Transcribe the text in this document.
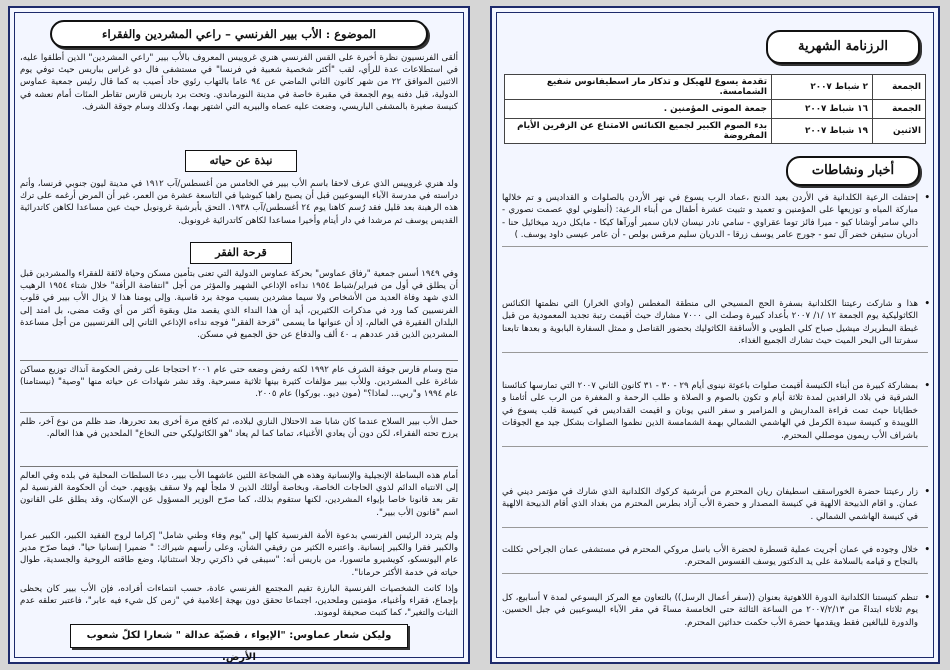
الموضوع : الأب بيير الفرنسي – راعي المشردين والفقراء

ألقى الفرنسيون نظرة أخيرة على القس الفرنسي هنري غروييس المعروف بالأب بيير "راعي المشردين" الذين أطلقوا عليه، في استطلاعات عدة للرأي، لقب "أكثر شخصية شعبية في فرنسا" في مستشفى فال دو غراس بباريس حيث توفي يوم الاثنين الموافق ٢٢ من شهر كانون الثاني الماضي عن ٩٤ عاما بالتهاب رئوي حاد أصيب به كما قال رئيس جمعية عماوس الدولية، قبل دفنه يوم الجمعة في مقبرة خاصة في مدينة النورماندي. وتحت برد باريس قارس تقاطر المئات أمام نعشه في كنيسة صغيرة بالمشفى الباريسي، وضعت عليه عصاه والبيريه التي اشتهر بهما، وكذلك وسام جوقة الشرف.

نبذة عن حياته

ولد هنري غروييس الذي عرف لاحقا باسم الأب بيير في الخامس من أغسطس/آب ١٩١٢ في مدينة ليون جنوبي فرنسا، وأتم دراسته في مدرسة الآباء اليسوعيين قبل أن يصبح راهبا كبوشيا في التاسعة عشرة من العمر، غير أن المرض أرغمه على ترك هذه الرهبنة بعد قليل فقد رُسم كاهنا يوم ٢٤ أغسطس/آب ١٩٣٨. التحق بأبرشية غرونوبل حيث عين مساعدا لكاهن كاتدرائية القديس يوسف ثم مرشدا في دار أيتام وأخيرا مساعدا لكاهن كاتدرائية غرونوبل.

قرحة الفقر

وفي ١٩٤٩ أسس جمعية "رفاق عماوس" بحركة عماوس الدولية التي تعنى بتأمين مسكن وحياة لائقة للفقراء والمشردين قبل أن يطلق في أول من فبراير/شباط ١٩٥٤ نداءه الإذاعي الشهير والمؤثر من أجل "انتفاضة الرأفة" خلال شتاء ١٩٥٤ الرهيب الذي شهد وفاة العديد من الأشخاص ولا سيما مشردين بسبب موجة برد قاسية. وإلى يومنا هذا لا يزال الأب بيير في قلوب الفرنسيين كما ورد في مذكرات الكثيرين، أيد أن هذا النداء الذي يقصد مثل وبقوة أكثر من أي وقت مضى، بل امتد إلى البلدان الفقيرة في العالم، إذ أن عنوانها ما يسمى "قرحة الفقر" فوجه نداءه الإذاعي الثاني إلى الفرنسيين من أجل مساعدة المشردين الذين قدر عددهم بـ ٤٠ ألف والدفاع عن حق الجميع في مسكن.

منح وسام فارس جوقة الشرف عام ١٩٩٢ لكنه رفض وضعه حتى عام ٢٠٠١ احتجاجا على رفض الحكومة آنذاك توزيع مساكن شاغرة على المشردين. وللأب بيير مؤلفات كثيرة بينها ثلاثية مسرحية. وقد نشر شهادات عن حياته منها "وصية" (نيستامنا) عام ١٩٩٤ و"ربي... لماذا؟" (مون ديو.. بوركوا) عام ٢٠٠٥.

حمل الأب بيير السلاح عندما كان شابا ضد الاحتلال النازي لبلاده، ثم كافح مرة أخرى بعد تحررها، ضد ظلم من نوع آخر، ظلم يرزح تحته الفقراء، لكن دون أن يعادي الأغنياء، تماما كما لم يعاد "هو الكاثوليكي حتى النخاع" الملحدين في هذا العالم.

أمام هذه البساطة الإنجيلية والإنسانية وهذه هي الشجاعة اللتين عاشهما الأب بيير، دعا السلطات المحلية في بلده وفي العالم إلى الانتباه الدائم لذوي الحاجات الخاصة، وبخاصة أولئك الذين لا ملجأ لهم ولا سقف يؤويهم. حيث أن الحكومة الفرنسية لم تقر بعد قانونا خاصا بإيواء المشردين، لكنها ستقوم بذلك، كما صرّح الوزير المسؤول عن الإسكان، وقد يطلق على القانون اسم "قانون الأب بيير".

ولم يتردد الرئيس الفرنسي بدعوة الأمة الفرنسية كلها إلى "يوم وفاء وطني شامل" إكراما لروح الفقيد الكبير، الكبير عمرا والكبير فقرا والكبير إنسانية. واعتبره الكثير من رفيقي الشأن، وعلى رأسهم شيراك: " ضميرا إنسانيا حيا". فيما صرّح مدير عام اليونسكو، كويشيرو ماتسورا، من باريس أنه: "سيبقى في ذاكرتي رجلا استثنائيا، وضع طاقته الروحية والجسدية، طوال حياته في خدمة الأكثر حرمانا".

وإذا كانت الشخصيات الفرنسية البارزة تقيم المجتمع الفرنسي عادة، حسب انتماءات أفراده، فإن الأب بيير كان يحظى بإجماع، فقراء وأغنياء، مؤمنين وملحدين، اجتماعا تحقق دون بهجة إعلامية في "زمن كل شيء فيه عابر"، فاعتبر تعلقه عدم الثبات والتغير"، كما كتبت صحيفة لوموند.

وليكن شعار عماوس: "الإيواء ، قضيّة عدالة " شعارا لكلّ شعوب الأرض.
الرزنامة الشهرية
الجمعة	٢ شباط ٢٠٠٧	تقدمة يسوع للهيكل و تذكار مار اسطيفانوس شفيع الشمامسة.
الجمعة	١٦ شباط ٢٠٠٧	جمعة الموتى المؤمنين .
الاثنين	١٩ شباط ٢٠٠٧	بدء الصوم الكبير لجميع الكنائس الامتناع عن الزفرين الأيام المفروضة
أخبار ونشاطات

• إحتفلت الرعية الكلدانية في الأردن بعيد الدنح ،عماد الرب يسوع في نهر الأردن بالصلوات و القداديس و تم خلالها مباركة المياه و توزيعها على المؤمنين و تعميد و تثبيت عشرة أطفال من أبناء الرعية: (أنطوني لوي عصمت نصوري - دالي سامر أوشانا كيو - ميرا فائز توما عقراوي - سامي نادر نيسان لابان سمير أورآها كيكا - مايكل دريد ميخائيل حنا - أدريان ستيفن خضر آل تمو - جورج عامر يوسف زرقا - الدريان سليم مرقس بولص - أن عامر عيسى داود يوسف. )

• هذا و شاركت رعيتنا الكلدانية بسفرة الحج المسيحي الى منطقة المغطس (وادي الخرار) التي نظمتها الكنائس الكاثوليكية يوم الجمعة ١٢ /١/ ٢٠٠٧ بأعداد كبيرة وصلت الى ٧٠٠٠ مشارك حيث أقيمت رتبة تجديد المعمودية من قبل غبطة البطريرك ميشيل صباح كلي الطوبى و الأساقفة الكاثوليك بحضور القناصل و ممثل السفارة البابوية و بعدها تابعنا سفرتنا الى البحر الميت حيث تشارك الجميع الغذاء.

• بمشاركة كبيرة من أبناء الكنيسة أقيمت صلوات باعوثة نينوى أيام ٢٩ - ٣٠ - ٣١ كانون الثاني ٢٠٠٧ التي تمارسها كنائسنا الشرقية في بلاد الرافدين لمدة ثلاثة أيام و تكون بالصوم و الصلاة و طلب الرحمة و المغفرة من الرب على أثامنا و خطايانا حيث تمت قراءة المداريش و المزامير و سفر النبي يونان و اقيمت القداديس في كنيسة قلب يسوع في اللويبدة و كنيسة سيدة الكرمل في الهاشمي الشمالي بهمة الشمامسة الذين نظموا الصلوات بشكل جيد مع الجوقات باشراف الأب ريمون موصللي المحترم.

• زار رعيتنا حضرة الخوراسقف اسطيفان ريان المحترم من أبرشية كركوك الكلدانية الذي شارك في مؤتمر ديني في عمان. و اقام الذبيحة الالهية في كنيسة المصدار و حضرة الأب آزاد بطرس المحترم من بغداد الذي أقام الذبيحة الالهية في كنيسة الهاشمي الشمالي .

• خلال وجوده في عمان أجريت عملية قسطرة لحضرة الأب باسل مروكي المحترم في مستشفى عمان الجراحي تكللت بالنجاح و قيامه بالسلامة على يد الدكتور يوسف القسوس المحترم.

• تنظم كنيستنا الكلدانية الدورة اللاهوتية بعنوان ((سفر أعمال الرسل)) بالتعاون مع المركز اليسوعي لمدة ٧ أسابيع، كل يوم ثلاثاء ابتداءً من ٢٠٠٧/٢/١٣ من الساعة الثالثة حتى الخامسة مساءً في مقر الآباء اليسوعيين في جبل الحسين. والدورة للبالغين فقط ويقدمها حضرة الأب حكمت حداثين المحترم.
